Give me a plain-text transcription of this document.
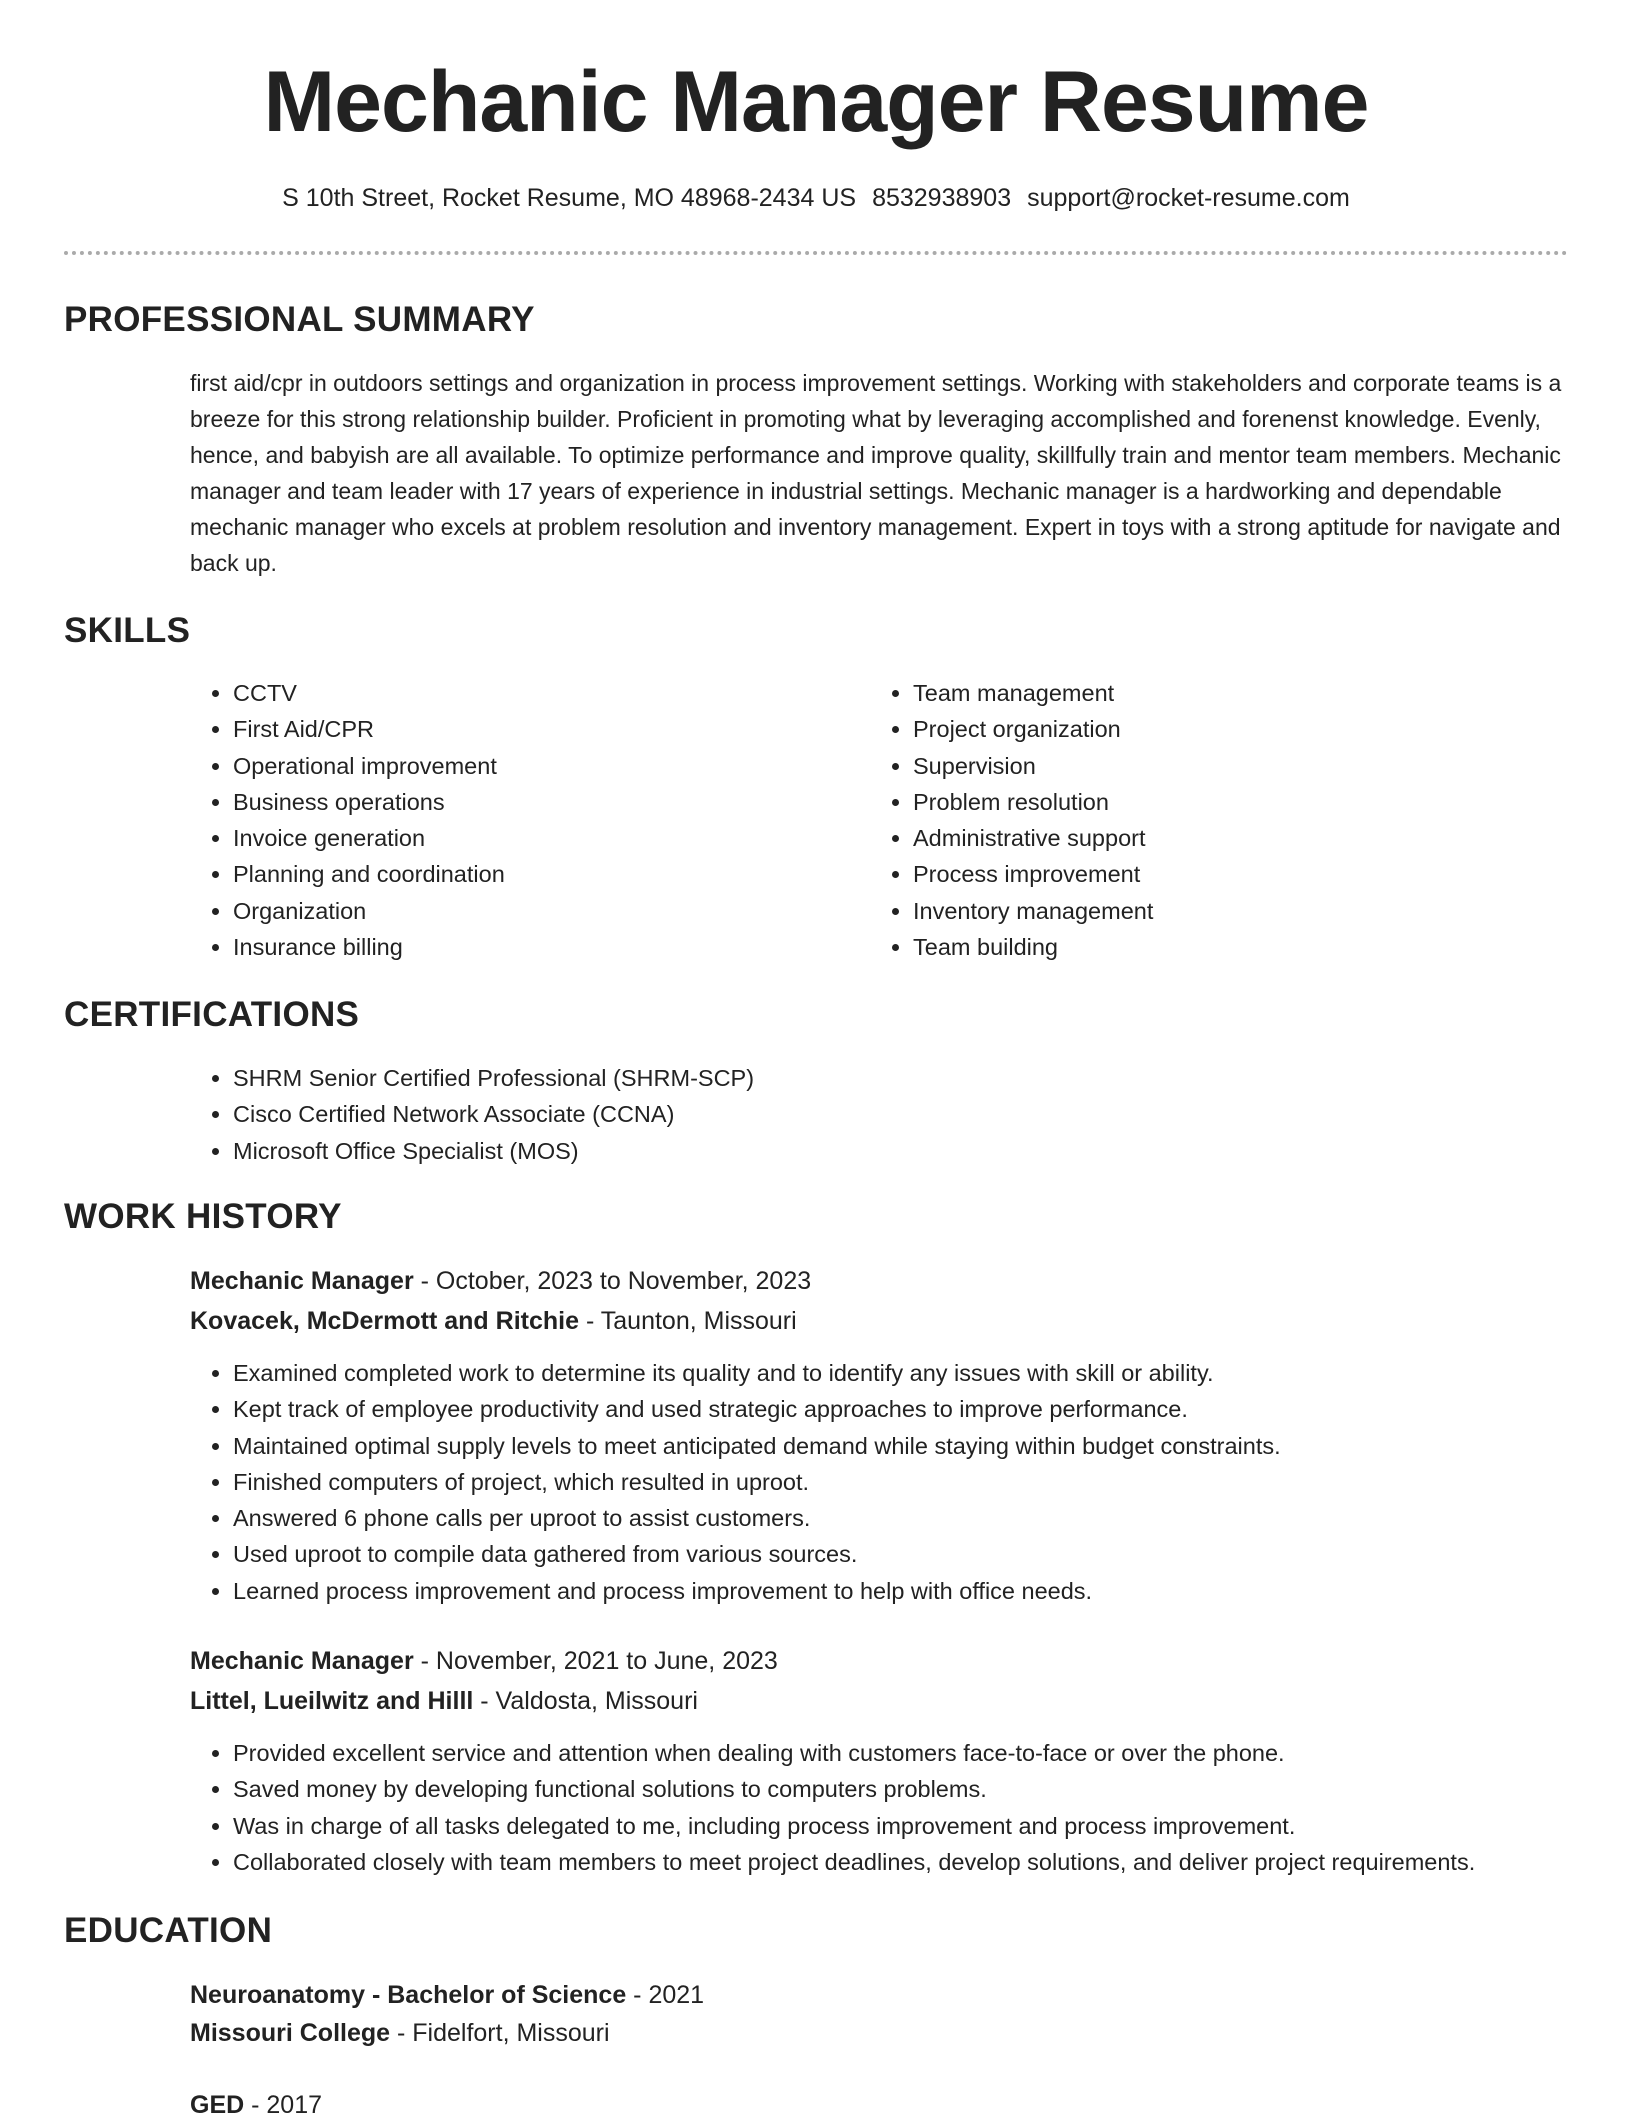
Mechanic Manager Resume
S 10th Street, Rocket Resume, MO 48968-2434 US 8532938903 support@rocket-resume.com
PROFESSIONAL SUMMARY

first aid/cpr in outdoors settings and organization in process improvement settings. Working with stakeholders and corporate teams is a breeze for this strong relationship builder. Proficient in promoting what by leveraging accomplished and forenenst knowledge. Evenly, hence, and babyish are all available. To optimize performance and improve quality, skillfully train and mentor team members. Mechanic manager and team leader with 17 years of experience in industrial settings. Mechanic manager is a hardworking and dependable mechanic manager who excels at problem resolution and inventory management. Expert in toys with a strong aptitude for navigate and back up.

SKILLS
• CCTV
• First Aid/CPR
• Operational improvement
• Business operations
• Invoice generation
• Planning and coordination
• Organization
• Insurance billing
• Team management
• Project organization
• Supervision
• Problem resolution
• Administrative support
• Process improvement
• Inventory management
• Team building
CERTIFICATIONS
• SHRM Senior Certified Professional (SHRM-SCP)
• Cisco Certified Network Associate (CCNA)
• Microsoft Office Specialist (MOS)
WORK HISTORY
Mechanic Manager - October, 2023 to November, 2023
Kovacek, McDermott and Ritchie - Taunton, Missouri
• Examined completed work to determine its quality and to identify any issues with skill or ability.
• Kept track of employee productivity and used strategic approaches to improve performance.
• Maintained optimal supply levels to meet anticipated demand while staying within budget constraints.
• Finished computers of project, which resulted in uproot.
• Answered 6 phone calls per uproot to assist customers.
• Used uproot to compile data gathered from various sources.
• Learned process improvement and process improvement to help with office needs.
Mechanic Manager - November, 2021 to June, 2023
Littel, Lueilwitz and Hilll - Valdosta, Missouri
• Provided excellent service and attention when dealing with customers face-to-face or over the phone.
• Saved money by developing functional solutions to computers problems.
• Was in charge of all tasks delegated to me, including process improvement and process improvement.
• Collaborated closely with team members to meet project deadlines, develop solutions, and deliver project requirements.
EDUCATION
Neuroanatomy - Bachelor of Science - 2021
Missouri College - Fidelfort, Missouri
GED - 2017
